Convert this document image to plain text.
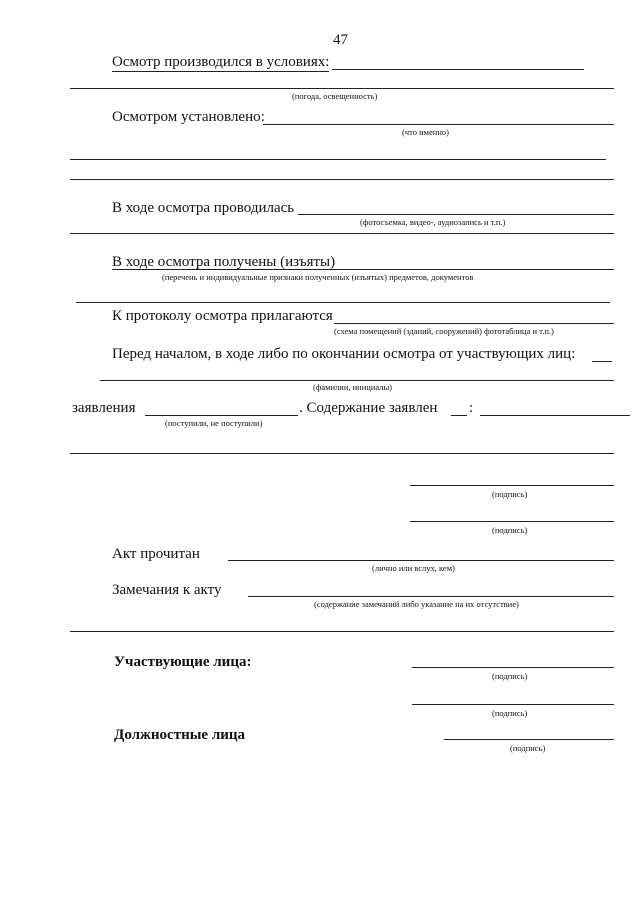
47
Осмотр производился в условиях:
(погода, освещенность)
Осмотром установлено:
(что именно)
В ходе осмотра проводилась
(фотосъемка, видео-, аудиозапись и т.п.)
В ходе осмотра получены (изъяты)
(перечень и индивидуальные признаки полученных (изъятых) предметов, документов
К протоколу осмотра прилагаются
(схема помещений (зданий, сооружений) фототаблица и т.п.)
Перед началом, в ходе либо по окончании осмотра от участвующих лиц:
(фамилии, инициалы)
заявления
(поступили, не поступили)
. Содержание заявлен :
(подпись)
(подпись)
Акт прочитан
(лично или вслух, кем)
Замечания к акту
(содержание замечаний либо указание на их отсутствие)
Участвующие лица:
(подпись)
(подпись)
Должностные лица
(подпись)
